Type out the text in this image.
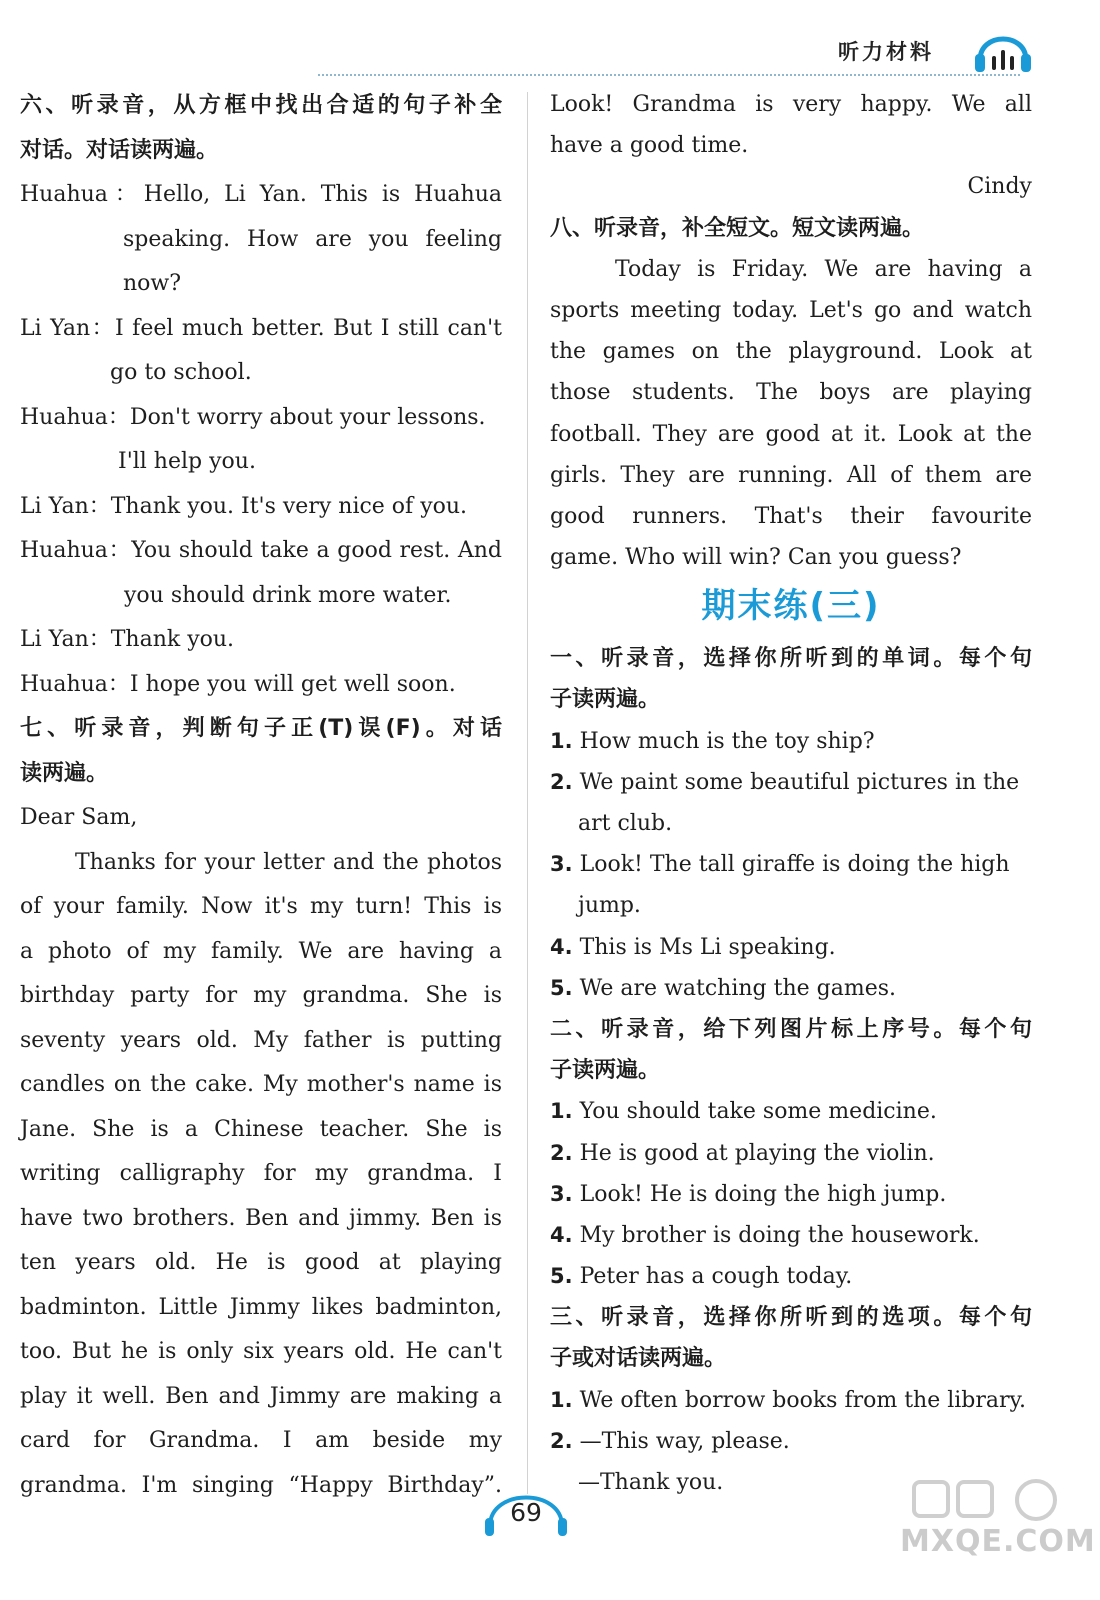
听力材料
六、听录音，从方框中找出合适的句子补全
对话。对话读两遍。
Huahua：Hello, Li Yan. This is Huahua
speaking. How are you feeling
now?
Li Yan：I feel much better. But I still can't
go to school.
Huahua：Don't worry about your lessons.
I'll help you.
Li Yan：Thank you. It's very nice of you.
Huahua：You should take a good rest. And
you should drink more water.
Li Yan：Thank you.
Huahua：I hope you will get well soon.
七、听录音，判断句子正(T)误(F)。对话
读两遍。
Dear Sam,
Thanks for your letter and the photos
of your family. Now it's my turn! This is
a photo of my family. We are having a
birthday party for my grandma. She is
seventy years old. My father is putting
candles on the cake. My mother's name is
Jane. She is a Chinese teacher. She is
writing calligraphy for my grandma. I
have two brothers. Ben and jimmy. Ben is
ten years old. He is good at playing
badminton. Little Jimmy likes badminton,
too. But he is only six years old. He can't
play it well. Ben and Jimmy are making a
card for Grandma. I am beside my
grandma. I'm singing “Happy Birthday”.
Look! Grandma is very happy. We all
have a good time.
Cindy
八、听录音，补全短文。短文读两遍。
Today is Friday. We are having a
sports meeting today. Let's go and watch
the games on the playground. Look at
those students. The boys are playing
football. They are good at it. Look at the
girls. They are running. All of them are
good runners. That's their favourite
game. Who will win? Can you guess?
期末练(三)
一、听录音，选择你所听到的单词。每个句
子读两遍。
1. How much is the toy ship?
2. We paint some beautiful pictures in the
art club.
3. Look! The tall giraffe is doing the high
jump.
4. This is Ms Li speaking.
5. We are watching the games.
二、听录音，给下列图片标上序号。每个句
子读两遍。
1. You should take some medicine.
2. He is good at playing the violin.
3. Look! He is doing the high jump.
4. My brother is doing the housework.
5. Peter has a cough today.
三、听录音，选择你所听到的选项。每个句
子或对话读两遍。
1. We often borrow books from the library.
2. —This way, please.
—Thank you.
69
MXQE.COM
